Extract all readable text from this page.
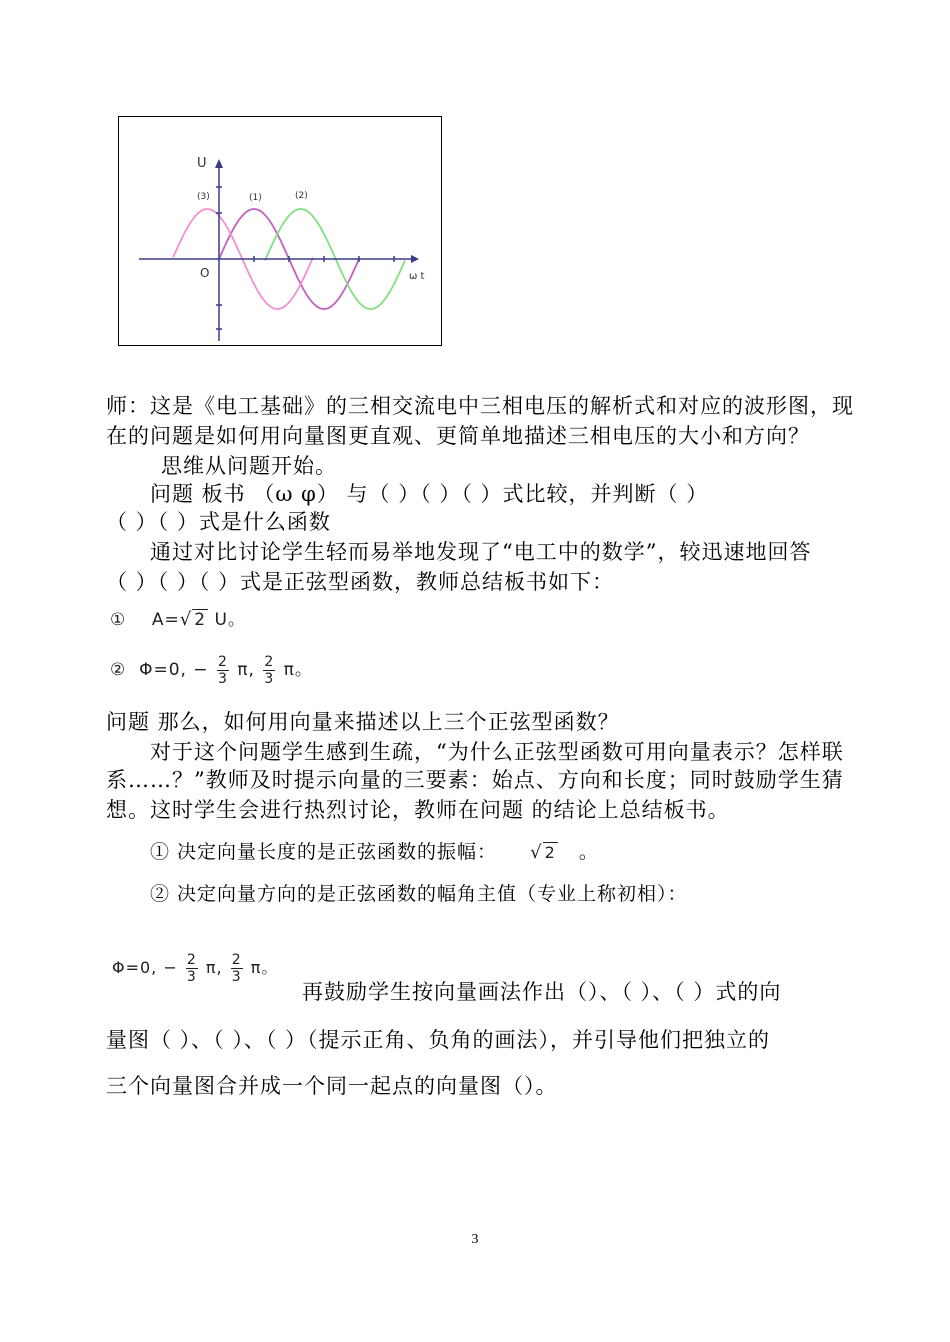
U
ω t
O
(3)	(1)	(2)
师：这是《电工基础》的三相交流电中三相电压的解析式和对应的波形图，现
在的问题是如何用向量图更直观、更简单地描述三相电压的大小和方向？
思维从问题开始。
问题 板书 （ω φ） 与（ ）（ ）（ ）式比较，并判断（ ）
（ ）（ ）式是什么函数
通过对比讨论学生轻而易举地发现了“电工中的数学”，较迅速地回答
（ ）（ ）（ ）式是正弦型函数，教师总结板书如下：
① A=√ 2 U。
② Φ=0, − $\frac{2}{3} \pi$, $\frac{2}{3}$ π。
问题 那么，如何用向量来描述以上三个正弦型函数？
对于这个问题学生感到生疏，“为什么正弦型函数可用向量表示？怎样联
系……？”教师及时提示向量的三要素：始点、方向和长度；同时鼓励学生猜
想。这时学生会进行热烈讨论，教师在问题 的结论上总结板书。
① 决定向量长度的是正弦函数的振幅： √ 2 。
② 决定向量方向的是正弦函数的幅角主值（专业上称初相）：
Φ=0, − $\frac{2}{3} \pi$, $\frac{2}{3}$ π。
再鼓励学生按向量画法作出（）、（ ）、（ ）式的向
量图（ ）、（ ）、（ ）（提示正角、负角的画法），并引导他们把独立的
三个向量图合并成一个同一起点的向量图（）。
3
